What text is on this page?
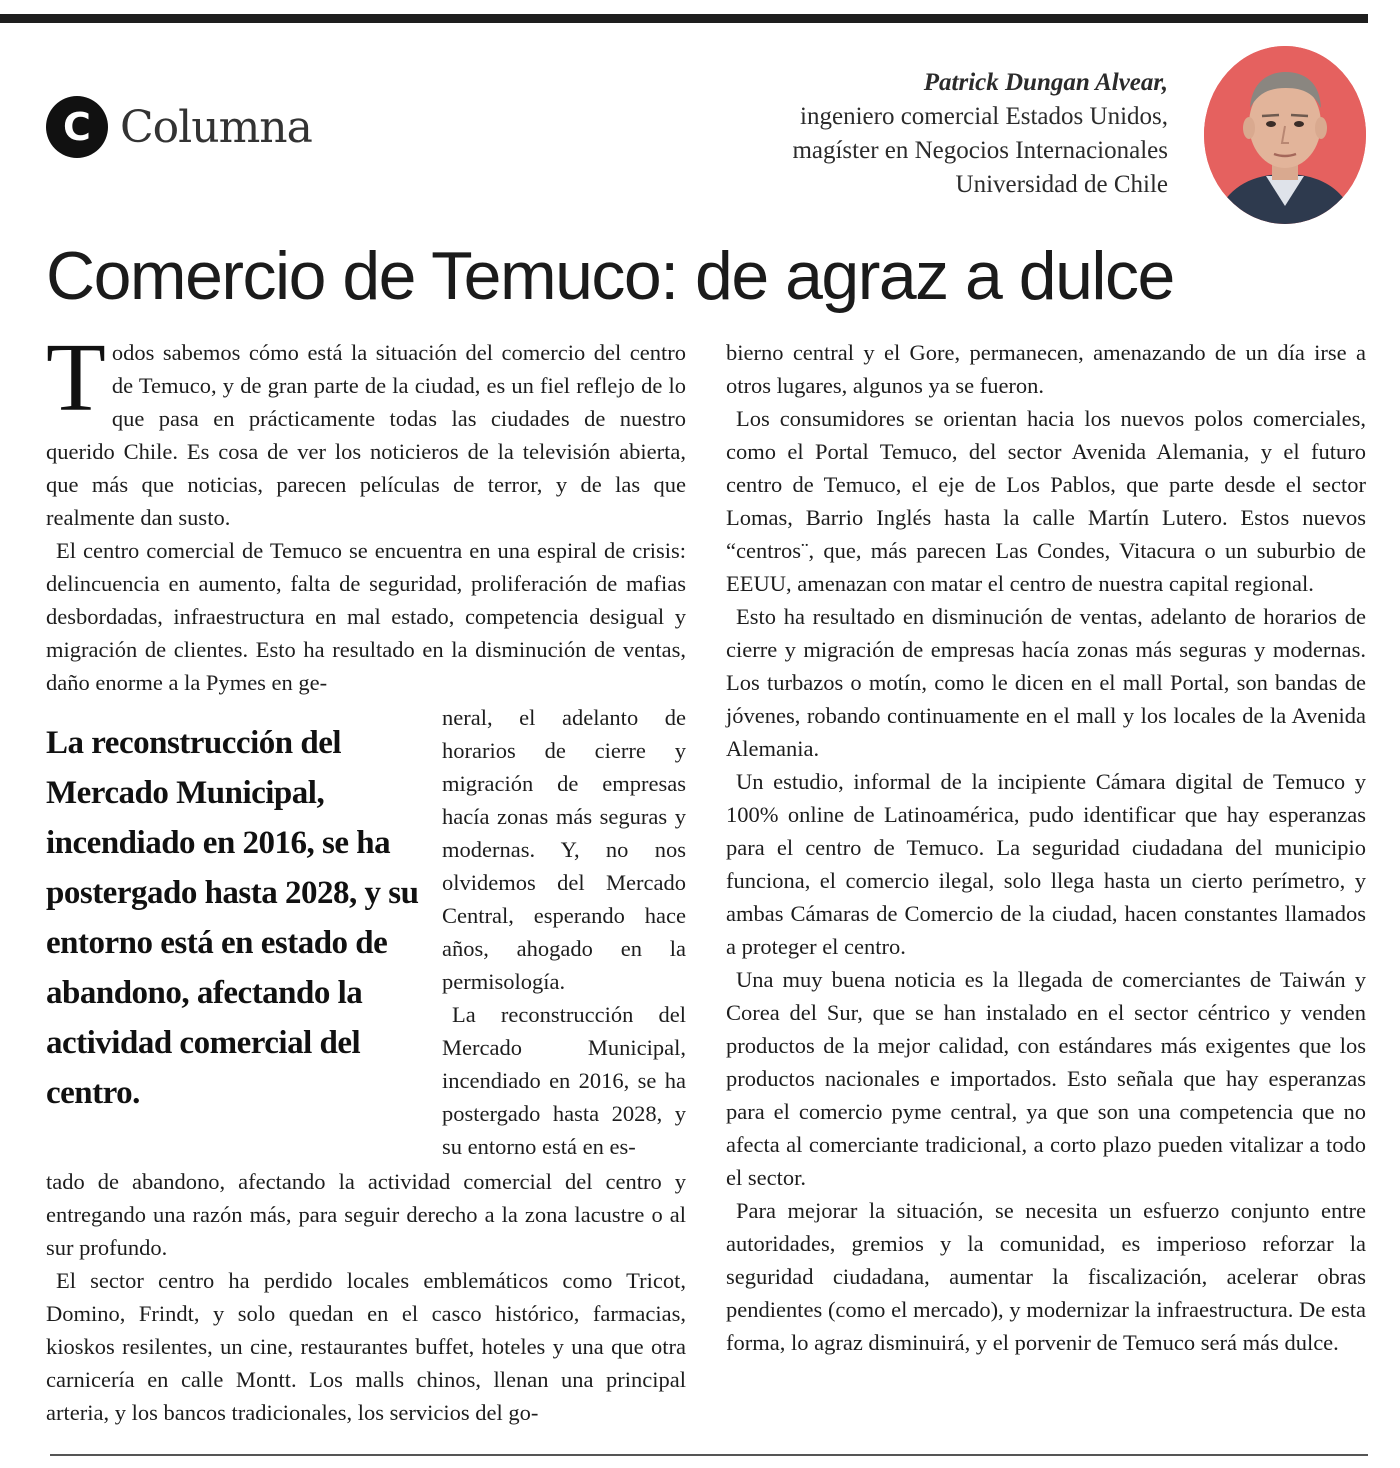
C Columna
Patrick Dungan Alvear,
ingeniero comercial Estados Unidos,
magíster en Negocios Internacionales
Universidad de Chile
Comercio de Temuco: de agraz a dulce

Todos sabemos cómo está la situación del comercio del centro de Temuco, y de gran parte de la ciudad, es un fiel reflejo de lo que pasa en prácticamente todas las ciudades de nuestro querido Chile. Es cosa de ver los noticieros de la televisión abierta, que más que noticias, parecen películas de terror, y de las que realmente dan susto.

El centro comercial de Temuco se encuentra en una espiral de crisis: delincuencia en aumento, falta de seguridad, proliferación de mafias desbordadas, infraestructura en mal estado, competencia desigual y migración de clientes. Esto ha resultado en la disminución de ventas, daño enorme a la Pymes en ge-

La reconstrucción del Mercado Municipal, incendiado en 2016, se ha postergado hasta 2028, y su entorno está en estado de abandono, afectando la actividad comercial del centro.

neral, el adelanto de horarios de cierre y migración de empresas hacía zonas más seguras y modernas. Y, no nos olvidemos del Mercado Central, esperando hace años, ahogado en la permisología.

La reconstrucción del Mercado Municipal, incendiado en 2016, se ha postergado hasta 2028, y su entorno está en es-

tado de abandono, afectando la actividad comercial del centro y entregando una razón más, para seguir derecho a la zona lacustre o al sur profundo.

El sector centro ha perdido locales emblemáticos como Tricot, Domino, Frindt, y solo quedan en el casco histórico, farmacias, kioskos resilentes, un cine, restaurantes buffet, hoteles y una que otra carnicería en calle Montt. Los malls chinos, llenan una principal arteria, y los bancos tradicionales, los servicios del go-

bierno central y el Gore, permanecen, amenazando de un día irse a otros lugares, algunos ya se fueron.

Los consumidores se orientan hacia los nuevos polos comerciales, como el Portal Temuco, del sector Avenida Alemania, y el futuro centro de Temuco, el eje de Los Pablos, que parte desde el sector Lomas, Barrio Inglés hasta la calle Martín Lutero. Estos nuevos “centros¨, que, más parecen Las Condes, Vitacura o un suburbio de EEUU, amenazan con matar el centro de nuestra capital regional.

Esto ha resultado en disminución de ventas, adelanto de horarios de cierre y migración de empresas hacía zonas más seguras y modernas. Los turbazos o motín, como le dicen en el mall Portal, son bandas de jóvenes, robando continuamente en el mall y los locales de la Avenida Alemania.

Un estudio, informal de la incipiente Cámara digital de Temuco y 100% online de Latinoamérica, pudo identificar que hay esperanzas para el centro de Temuco. La seguridad ciudadana del municipio funciona, el comercio ilegal, solo llega hasta un cierto perímetro, y ambas Cámaras de Comercio de la ciudad, hacen constantes llamados a proteger el centro.

Una muy buena noticia es la llegada de comerciantes de Taiwán y Corea del Sur, que se han instalado en el sector céntrico y venden productos de la mejor calidad, con estándares más exigentes que los productos nacionales e importados. Esto señala que hay esperanzas para el comercio pyme central, ya que son una competencia que no afecta al comerciante tradicional, a corto plazo pueden vitalizar a todo el sector.

Para mejorar la situación, se necesita un esfuerzo conjunto entre autoridades, gremios y la comunidad, es imperioso reforzar la seguridad ciudadana, aumentar la fiscalización, acelerar obras pendientes (como el mercado), y modernizar la infraestructura. De esta forma, lo agraz disminuirá, y el porvenir de Temuco será más dulce.
